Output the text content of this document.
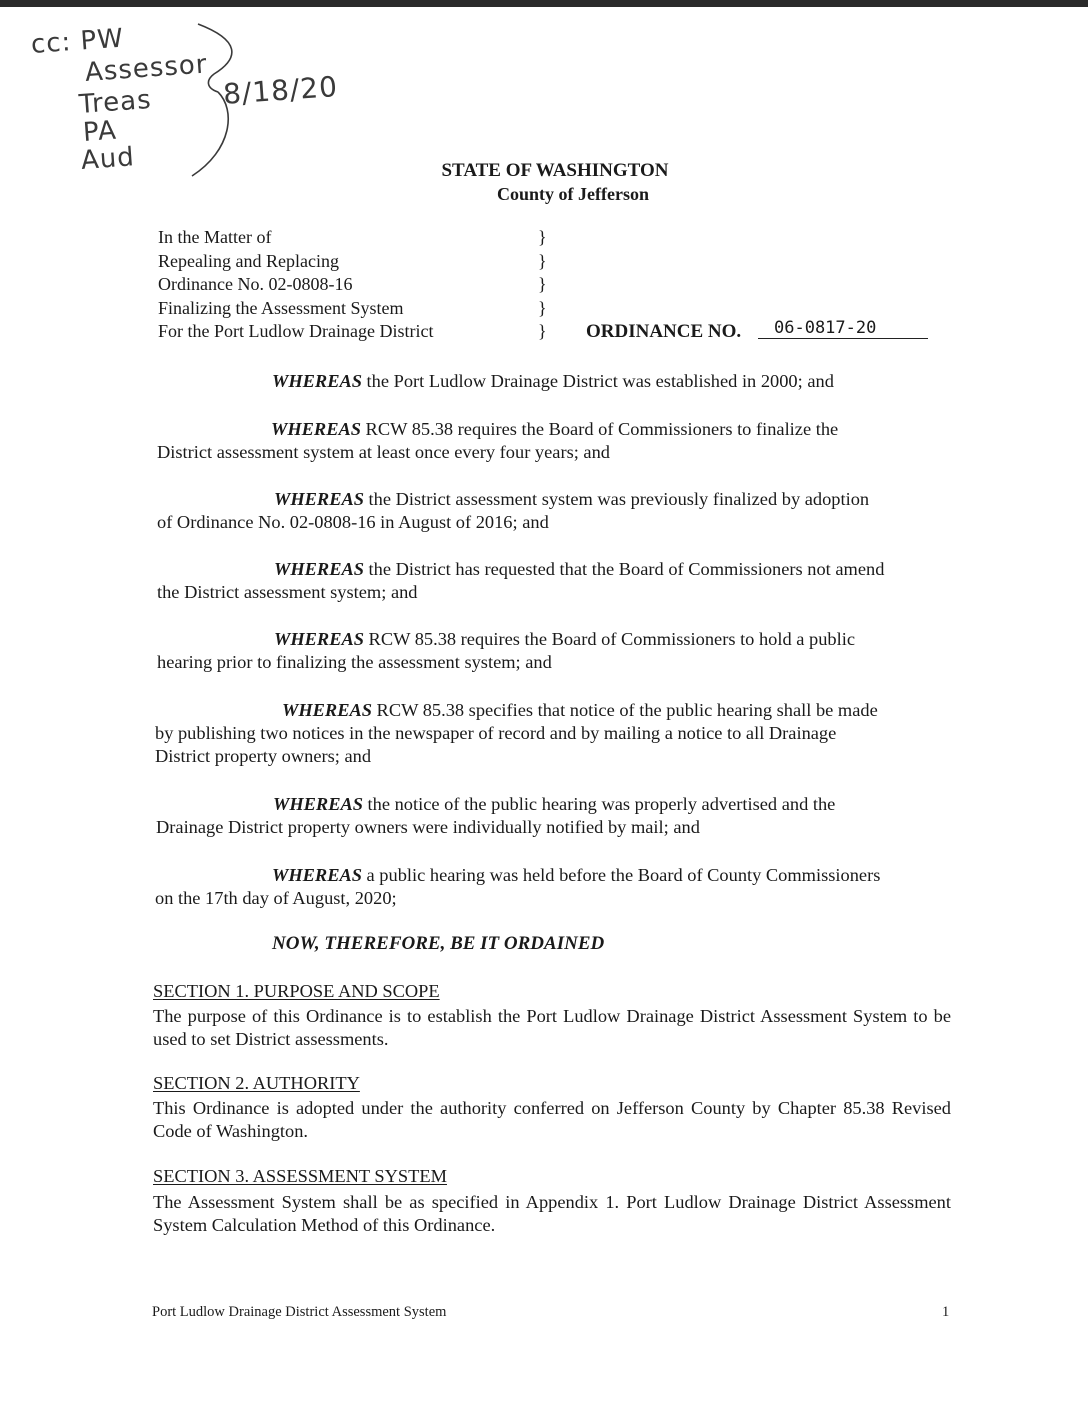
cc: PW
Assessor
Treas
PA
Aud
8/18/20
STATE OF WASHINGTON
County of Jefferson
In the Matter of
Repealing and Replacing
Ordinance No. 02-0808-16
Finalizing the Assessment System
For the Port Ludlow Drainage District
}
}
}
}
} ORDINANCE NO.	06-0817-20
WHEREAS the Port Ludlow Drainage District was established in 2000; and
WHEREAS RCW 85.38 requires the Board of Commissioners to finalize the
District assessment system at least once every four years; and
WHEREAS the District assessment system was previously finalized by adoption
of Ordinance No. 02-0808-16 in August of 2016; and
WHEREAS the District has requested that the Board of Commissioners not amend
the District assessment system; and
WHEREAS RCW 85.38 requires the Board of Commissioners to hold a public
hearing prior to finalizing the assessment system; and
WHEREAS RCW 85.38 specifies that notice of the public hearing shall be made
by publishing two notices in the newspaper of record and by mailing a notice to all Drainage
District property owners; and
WHEREAS the notice of the public hearing was properly advertised and the
Drainage District property owners were individually notified by mail; and
WHEREAS a public hearing was held before the Board of County Commissioners
on the 17th day of August, 2020;
NOW, THEREFORE, BE IT ORDAINED
SECTION 1. PURPOSE AND SCOPE
The purpose of this Ordinance is to establish the Port Ludlow Drainage District Assessment System to be used to set District assessments.
SECTION 2. AUTHORITY
This Ordinance is adopted under the authority conferred on Jefferson County by Chapter 85.38 Revised Code of Washington.
SECTION 3. ASSESSMENT SYSTEM
The Assessment System shall be as specified in Appendix 1. Port Ludlow Drainage District Assessment System Calculation Method of this Ordinance.
Port Ludlow Drainage District Assessment System	1
